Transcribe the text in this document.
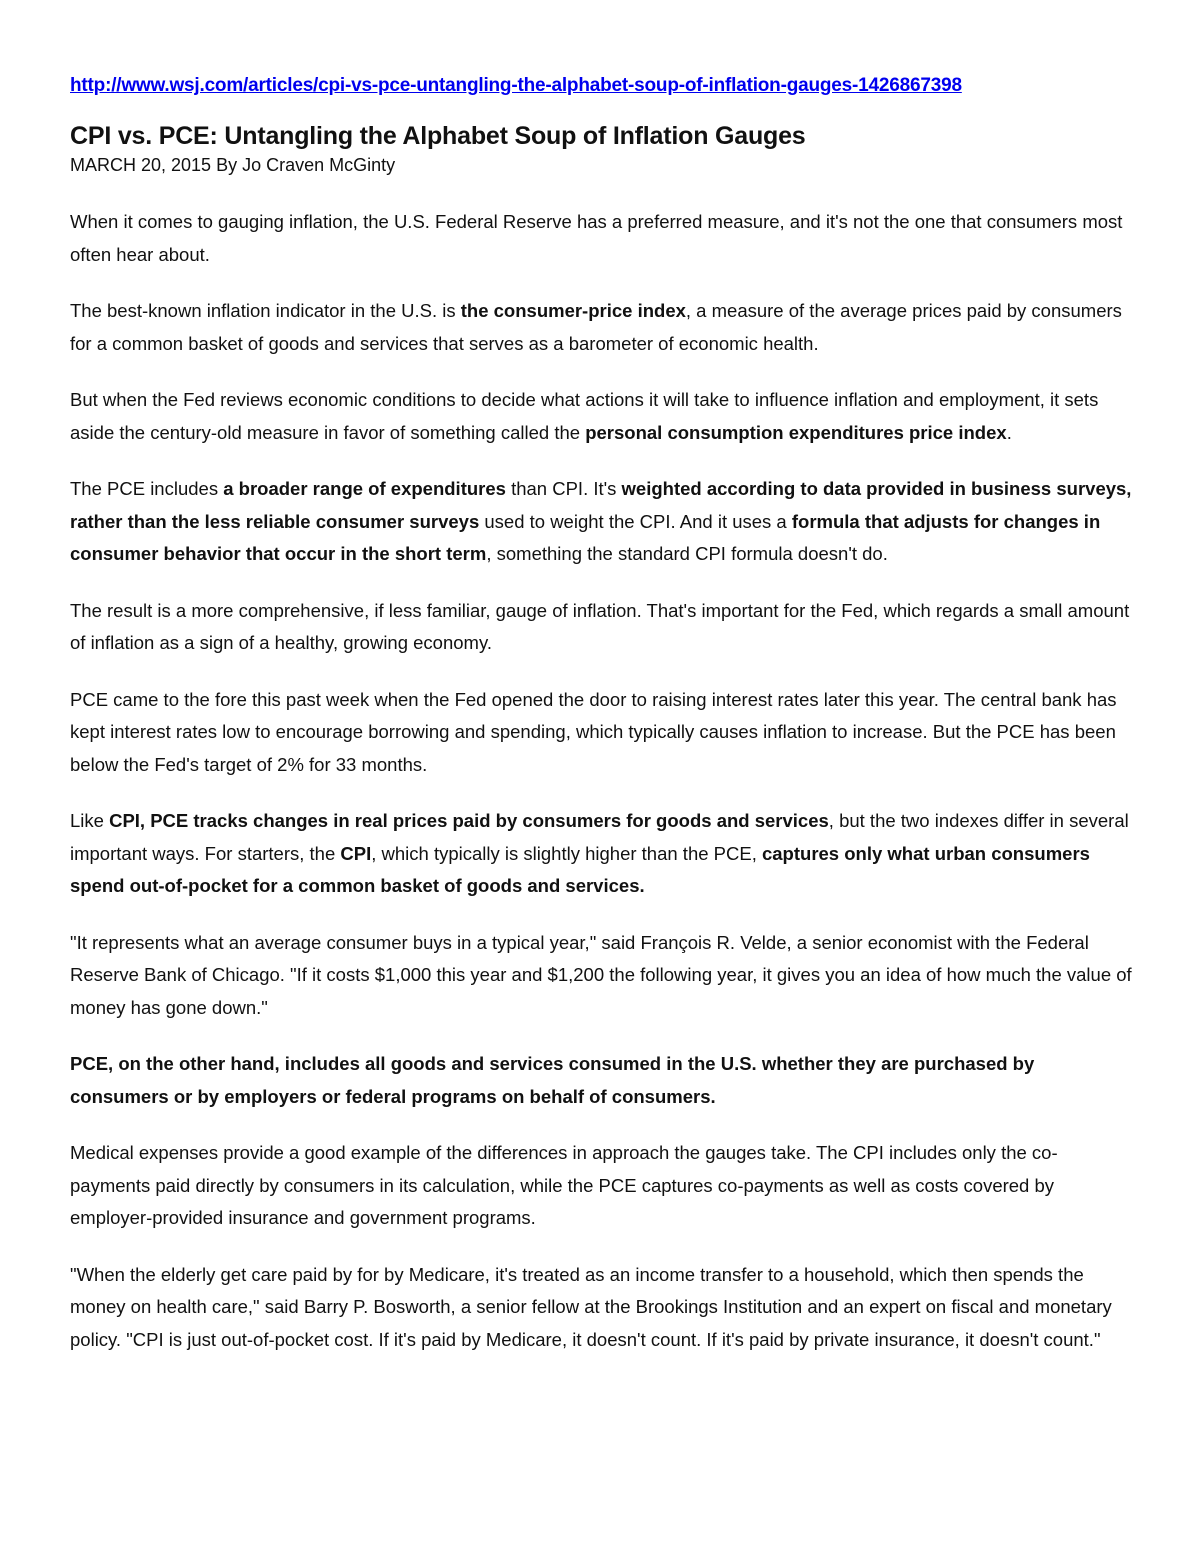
http://www.wsj.com/articles/cpi-vs-pce-untangling-the-alphabet-soup-of-inflation-gauges-1426867398
CPI vs. PCE: Untangling the Alphabet Soup of Inflation Gauges
MARCH 20, 2015 By Jo Craven McGinty

When it comes to gauging inflation, the U.S. Federal Reserve has a preferred measure, and it's not the one that consumers most often hear about.

The best-known inflation indicator in the U.S. is the consumer-price index, a measure of the average prices paid by consumers for a common basket of goods and services that serves as a barometer of economic health.

But when the Fed reviews economic conditions to decide what actions it will take to influence inflation and employment, it sets aside the century-old measure in favor of something called the personal consumption expenditures price index.

The PCE includes a broader range of expenditures than CPI. It's weighted according to data provided in business surveys, rather than the less reliable consumer surveys used to weight the CPI. And it uses a formula that adjusts for changes in consumer behavior that occur in the short term, something the standard CPI formula doesn't do.

The result is a more comprehensive, if less familiar, gauge of inflation. That's important for the Fed, which regards a small amount of inflation as a sign of a healthy, growing economy.

PCE came to the fore this past week when the Fed opened the door to raising interest rates later this year. The central bank has kept interest rates low to encourage borrowing and spending, which typically causes inflation to increase. But the PCE has been below the Fed's target of 2% for 33 months.

Like CPI, PCE tracks changes in real prices paid by consumers for goods and services, but the two indexes differ in several important ways. For starters, the CPI, which typically is slightly higher than the PCE, captures only what urban consumers spend out-of-pocket for a common basket of goods and services.

"It represents what an average consumer buys in a typical year," said François R. Velde, a senior economist with the Federal Reserve Bank of Chicago. "If it costs $1,000 this year and $1,200 the following year, it gives you an idea of how much the value of money has gone down."

PCE, on the other hand, includes all goods and services consumed in the U.S. whether they are purchased by consumers or by employers or federal programs on behalf of consumers.

Medical expenses provide a good example of the differences in approach the gauges take. The CPI includes only the co-payments paid directly by consumers in its calculation, while the PCE captures co-payments as well as costs covered by employer-provided insurance and government programs.

"When the elderly get care paid by for by Medicare, it's treated as an income transfer to a household, which then spends the money on health care," said Barry P. Bosworth, a senior fellow at the Brookings Institution and an expert on fiscal and monetary policy. "CPI is just out-of-pocket cost. If it's paid by Medicare, it doesn't count. If it's paid by private insurance, it doesn't count."
